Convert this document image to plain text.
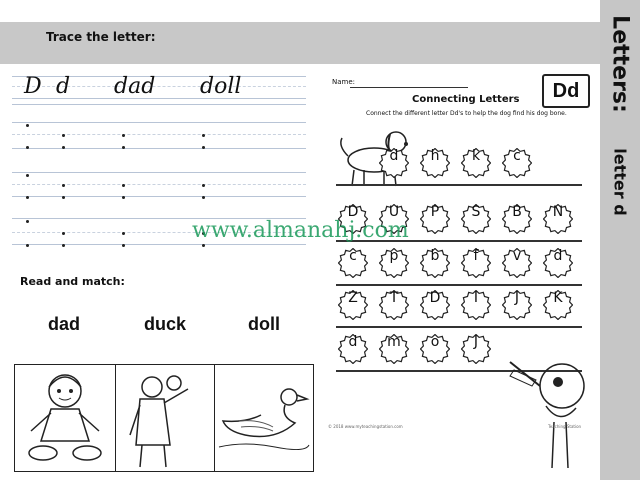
Trace the letter:	Letters:
letter d
D d dad doll
Read and match:
dad	duck	doll
Name:	Dd
Connecting Letters
Connect the different letter Dd's to help the dog find his dog bone.
d	h	k	c
D	U	P	S	B	N
c	p	b	f	v	d
Z	T	D	I	J	K
d	m	o	J
© 2018 www.myteachingstation.com	Teaching Station
www.almanahj.com
